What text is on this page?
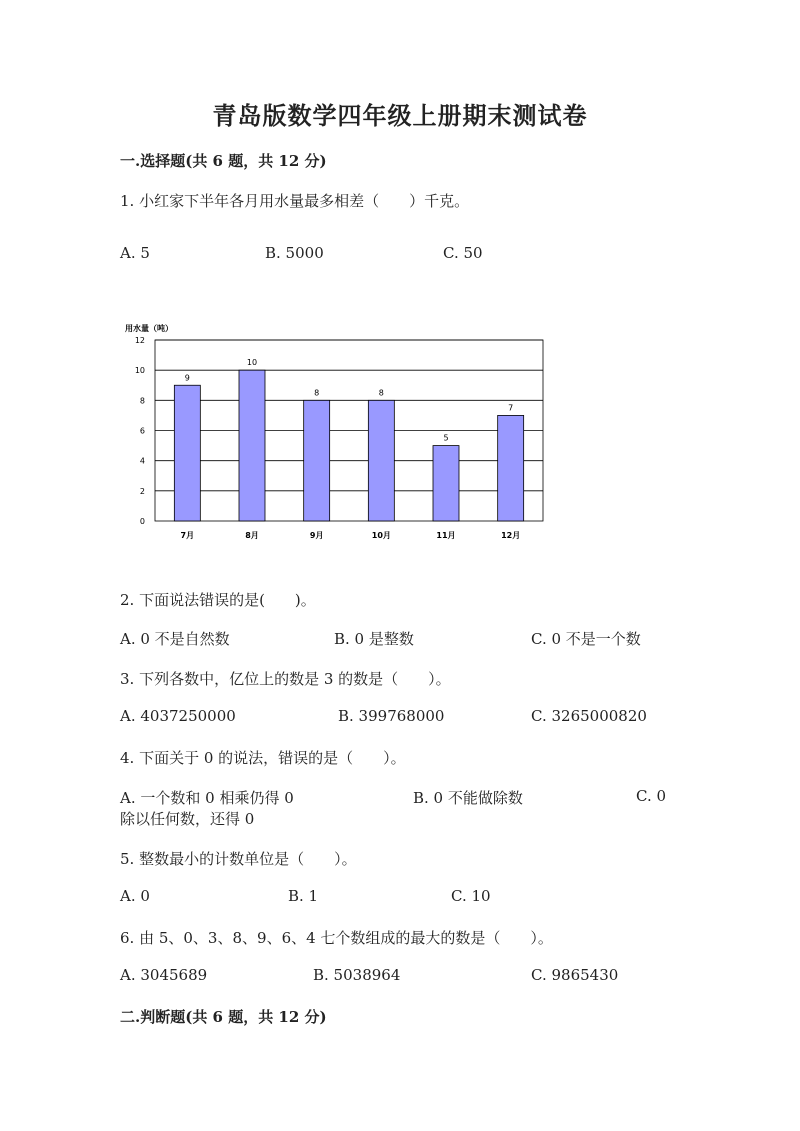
青岛版数学四年级上册期末测试卷
一.选择题(共 6 题，共 12 分)
1. 小红家下半年各月用水量最多相差（　　）千克。
A. 5	B. 5000	C. 50
用水量（吨）
0
2
4
6
8
10
12
9
7月
10
8月
8
9月
8
10月
5
11月
7
12月
2. 下面说法错误的是(　　)。
A. 0 不是自然数	B. 0 是整数	C. 0 不是一个数
3. 下列各数中，亿位上的数是 3 的数是（　　）。
A. 4037250000	B. 399768000	C. 3265000820
4. 下面关于 0 的说法，错误的是（　　）。
A. 一个数和 0 相乘仍得 0	B. 0 不能做除数	C. 0
除以任何数，还得 0
5. 整数最小的计数单位是（　　）。
A. 0	B. 1	C. 10
6. 由 5、0、3、8、9、6、4 七个数组成的最大的数是（　　）。
A. 3045689	B. 5038964	C. 9865430
二.判断题(共 6 题，共 12 分)
